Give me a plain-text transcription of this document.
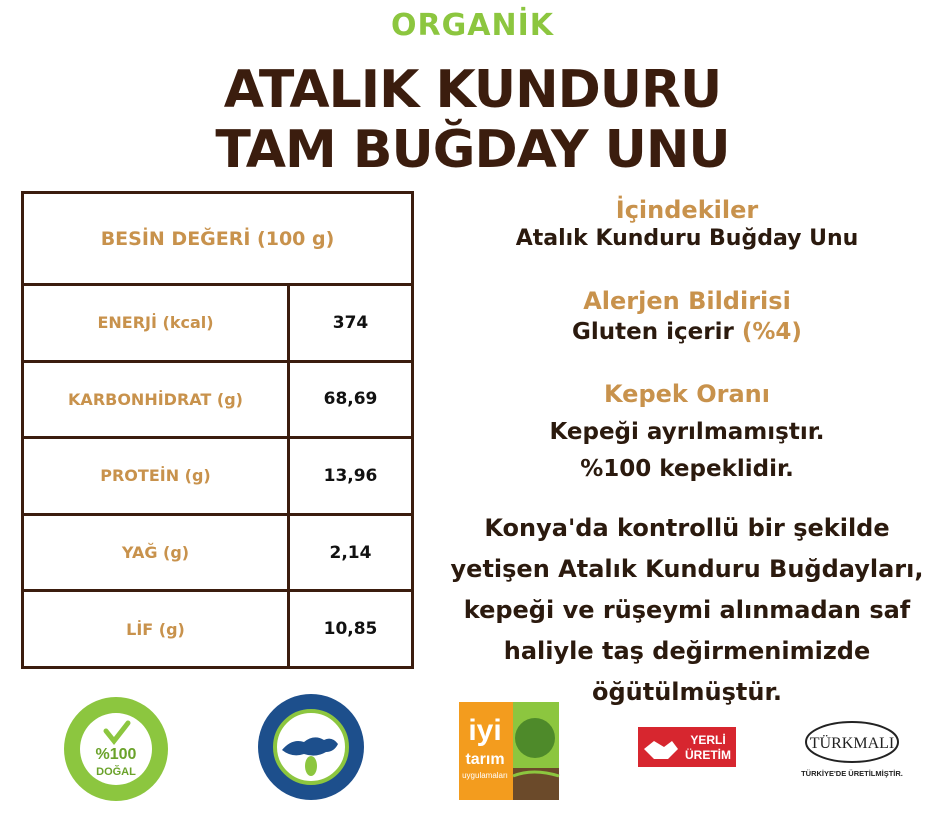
ORGANİK
ATALIK KUNDURU
TAM BUĞDAY UNU
BESİN DEĞERİ (100 g)	
ENERJİ (kcal)	374
KARBONHİDRAT (g)	68,69
PROTEİN (g)	13,96
YAĞ (g)	2,14
LİF (g)	10,85
İçindekiler
Atalık Kunduru Buğday Unu
Alerjen Bildirisi
Gluten içerir (%4)
Kepek Oranı
Kepeği ayrılmamıştır.
%100 kepeklidir.
Konya'da kontrollü bir şekilde
yetişen Atalık Kunduru Buğdayları,
kepeği ve rüşeymi alınmadan saf
haliyle taş değirmenimizde
öğütülmüştür.
%100
DOĞAL
iyi
tarım
uygulamaları
YERLİ
ÜRETİM
TÜRKMALI
TÜRKİYE'DE ÜRETİLMİŞTİR.
